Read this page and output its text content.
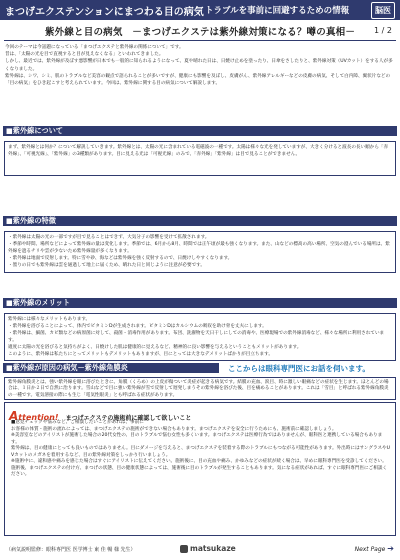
まつげエクステンションにまつわる目の病気 トラブルを事前に回避するための情報	脳医
紫外線と目の病気　－まつげエクステは紫外線対策になる？噂の真相－	1 / 2
今回のテーマは今話題になっている「まつげエクステと紫外線の関係について」です。
昔は、「太陽の光を目で直視すると目が見えなくなる」といわれてきました。
しかし、最近では、紫外線が及ぼす悪影響が日本でも一般的に知られるようになって、夏や晴れた日は、日焼け止めを塗ったり、日傘をさしたりと、紫外線対策（UVカット）をする人が多くなりました。
紫外線は、シワ、シミ、肌のトラブルなど美容の観点で語られることが多いですが、健康にも影響を及ぼし、皮膚がん、紫外線アレルギーなどの皮膚の病気、そして白内障、翼状片などの「目の病気」をひき起こすと考えられています。今回は、紫外線に関する目の病気について解説します。
■紫外線について

まず、紫外線とは何か？について解説していきます。紫外線とは、太陽の光に含まれている電磁波の一種です。太陽は様々な光を発していますが、大きく分けると波長の長い順から「赤外線」、「可視光線」、「紫外線」の3種類があります。目に見える光は「可視光線」のみで、「赤外線」「紫外線」は目で見ることができません。

■紫外線の特徴

・紫外線は太陽の光の一部ですが目で見ることはできず、大気分子の影響を受けて拡散されます。

・季節や時間、場所などによって紫外線の量は変化します。季節では、6月から8月、時間では正午頃が最も強くなります。また、山などの標高の高い場所、空気の澄んでいる場所は、紫外線を遮るチリや雲が少ないため紫外線量が多くなります。

・紫外線は地面で反射します。特に雪や砂、海などは紫外線を強く反射するので、日焼けしやすくなります。

・曇りの日でも紫外線は雲を通過して地上に届くため、晴れた日と同じように注意が必要です。

■紫外線のメリット

紫外線には様々なメリットもあります。

・紫外線を浴びることによって、体内でビタミンDが生成されます。ビタミンDはカルシウムの吸収を助け骨を丈夫にします。

・紫外線は、細菌、カビ類などの病原菌に対して、殺菌・消毒作用があります。布団、洗濯物を天日干しにしての消毒や、医療現場での紫外線消毒など、様々な場所に利用されています。

適度に太陽の光を浴びると気持ちがよく、日焼けした肌は健康的に見えるなど、精神的に良い影響を与えるということもメリットがあります。

このように、紫外線は私たちにとってメリットもデメリットもありますが、目にとっては大きなデメリットばかりが目立ちます。

■紫外線が原因の病気－紫外線角膜炎	ここからは眼科専門医にお話を伺います。

紫外線角膜炎とは、強い紫外線を眼に浴びたときに、角膜（くろめ）の上皮が傷ついて炎症が起きる病気です。結膜の充血、涙目、時に激しい眼痛などの症状を生じます。ほとんどの場合は、１日か２日で自然に治ります。雪山などで目に強い紫外線が雪で反射して遅発しまうその紫外線を浴びた後、目を痛めることがあります。これは「雪目」と呼ばれる紫外線角膜炎の一種です。電気溶接の際にも生じ「電気性眼炎」とも呼ばれる症状があります。

Attention! まつげエクステの施術前に確認して欲しいこと

■意見チェックや悩みなど、ご相談したいことがあれば、事前に

お客様の体質・施術の流れによっては、まつげエクステの施術ができない場合もあります。まつげエクステを安全に行うためにも、施術前に確認しましょう。

※美容室などのアイリストが施術した場合の20代女性の、目のトラブルで悩む女性も多くいます。まつげエクステは医療行為ではありませんが、眼科医と連携している場合もあります。

紫外線は、目の健康にとっても良いものではありません。目にダメージを与えると、まつげエクステを装着する際のトラブルにもつながる可能性があります。外出時にはサングラスやUVカットのメガネを着用するなど、目の紫外線対策をしっかり行いましょう。

※施術中に、違和感や痛みを感じた場合はすぐにアイリストに伝えてください。施術後に、目の充血や痛み、かゆみなどの症状が続く場合は、早めに眼科専門医を受診してください。

施術後、まつげエクステの付け方、まつげの状態、目の健康状態によっては、施術後に目のトラブルが発生することもあります。気になる症状があれば、すぐに眼科専門医にご相談ください。

（病気説明監修：眼科専門医 医学博士 東 佳 暢 様 先生）	matsukaze	Next Page ➔
